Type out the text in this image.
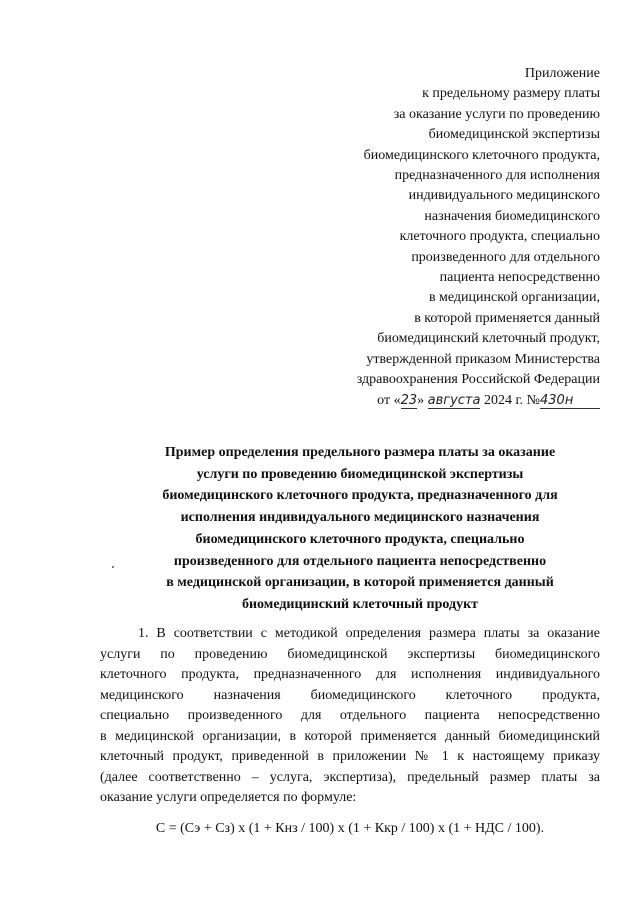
Приложение
к предельному размеру платы
за оказание услуги по проведению
биомедицинской экспертизы
биомедицинского клеточного продукта,
предназначенного для исполнения
индивидуального медицинского
назначения биомедицинского
клеточного продукта, специально
произведенного для отдельного
пациента непосредственно
в медицинской организации,
в которой применяется данный
биомедицинский клеточный продукт,
утвержденной приказом Министерства
здравоохранения Российской Федерации
от «23» августа 2024 г. №430н
Пример определения предельного размера платы за оказание
услуги по проведению биомедицинской экспертизы
биомедицинского клеточного продукта, предназначенного для
исполнения индивидуального медицинского назначения
биомедицинского клеточного продукта, специально
произведенного для отдельного пациента непосредственно
в медицинской организации, в которой применяется данный
биомедицинский клеточный продукт
1. В соответствии с методикой определения размера платы за оказание
услуги по проведению биомедицинской экспертизы биомедицинского
клеточного продукта, предназначенного для исполнения индивидуального
медицинского назначения биомедицинского клеточного продукта,
специально произведенного для отдельного пациента непосредственно
в медицинской организации, в которой применяется данный биомедицинский
клеточный продукт, приведенной в приложении № 1 к настоящему приказу
(далее соответственно – услуга, экспертиза), предельный размер платы за
оказание услуги определяется по формуле:
С = (Сэ + Сз) х (1 + Кнз / 100) х (1 + Ккр / 100) х (1 + НДС / 100).
